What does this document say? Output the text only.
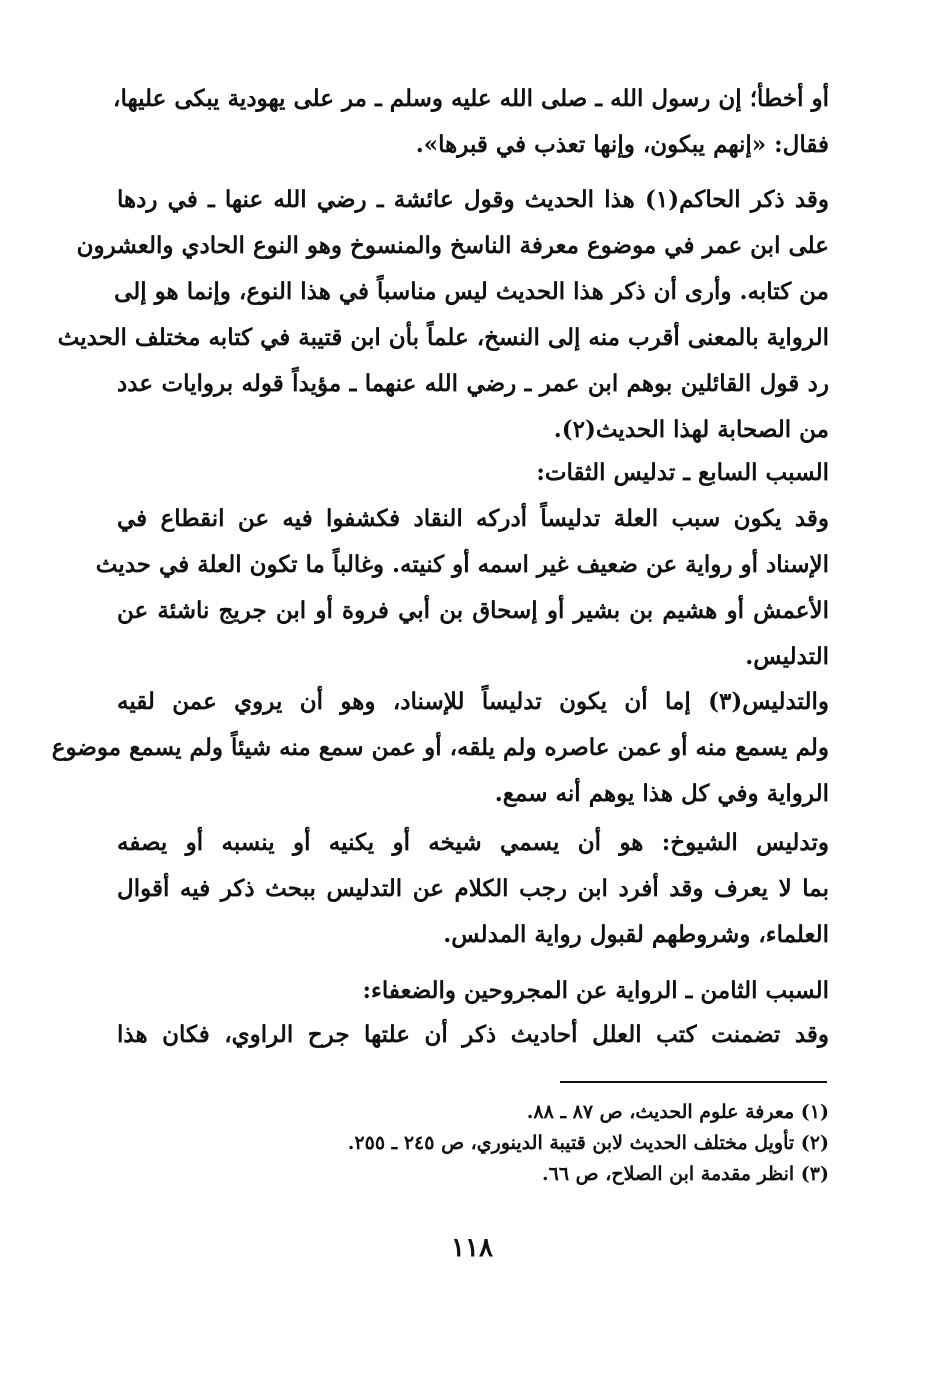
أو أخطأ؛ إن رسول الله ـ صلى الله عليه وسلم ـ مر على يهودية يبكى عليها،
فقال: «إنهم يبكون، وإنها تعذب في قبرها».
وقد ذكر الحاكم(١) هذا الحديث وقول عائشة ـ رضي الله عنها ـ في ردها
على ابن عمر في موضوع معرفة الناسخ والمنسوخ وهو النوع الحادي والعشرون
من كتابه. وأرى أن ذكر هذا الحديث ليس مناسباً في هذا النوع، وإنما هو إلى
الرواية بالمعنى أقرب منه إلى النسخ، علماً بأن ابن قتيبة في كتابه مختلف الحديث
رد قول القائلين بوهم ابن عمر ـ رضي الله عنهما ـ مؤيداً قوله بروايات عدد
من الصحابة لهذا الحديث(٢).
السبب السابع ـ تدليس الثقات:
وقد يكون سبب العلة تدليساً أدركه النقاد فكشفوا فيه عن انقطاع في
الإسناد أو رواية عن ضعيف غير اسمه أو كنيته. وغالباً ما تكون العلة في حديث
الأعمش أو هشيم بن بشير أو إسحاق بن أبي فروة أو ابن جريج ناشئة عن
التدليس.
والتدليس(٣) إما أن يكون تدليساً للإسناد، وهو أن يروي عمن لقيه
ولم يسمع منه أو عمن عاصره ولم يلقه، أو عمن سمع منه شيئاً ولم يسمع موضوع
الرواية وفي كل هذا يوهم أنه سمع.
وتدليس الشيوخ: هو أن يسمي شيخه أو يكنيه أو ينسبه أو يصفه
بما لا يعرف وقد أفرد ابن رجب الكلام عن التدليس ببحث ذكر فيه أقوال
العلماء، وشروطهم لقبول رواية المدلس.
السبب الثامن ـ الرواية عن المجروحين والضعفاء:
وقد تضمنت كتب العلل أحاديث ذكر أن علتها جرح الراوي، فكان هذا
(١) معرفة علوم الحديث، ص ٨٧ ـ ٨٨.
(٢) تأويل مختلف الحديث لابن قتيبة الدينوري، ص ٢٤٥ ـ ٢٥٥.
(٣) انظر مقدمة ابن الصلاح، ص ٦٦.
١١٨
